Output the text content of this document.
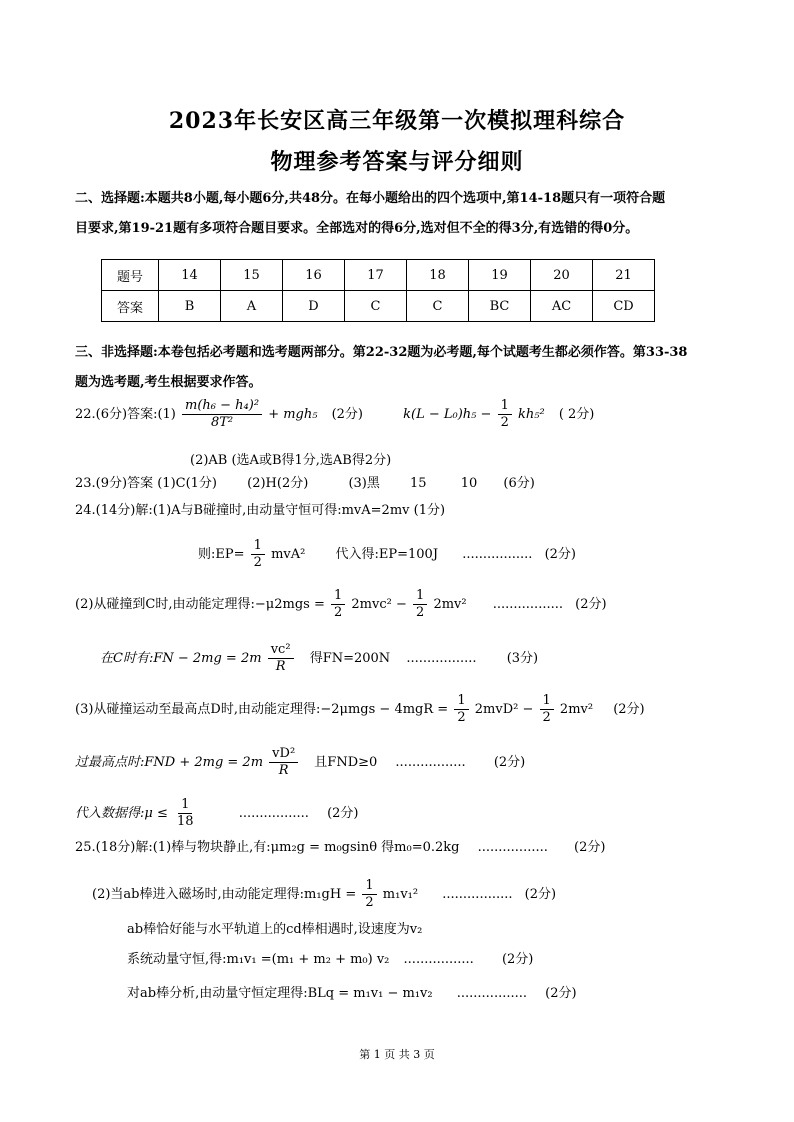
2023年长安区高三年级第一次模拟理科综合
物理参考答案与评分细则
二、选择题:本题共8小题,每小题6分,共48分。在每小题给出的四个选项中,第14-18题只有一项符合题
目要求,第19-21题有多项符合题目要求。全部选对的得6分,选对但不全的得3分,有选错的得0分。
题号	14	15	16	17	18	19	20	21
答案	B	A	D	C	C	BC	AC	CD
三、非选择题:本卷包括必考题和选考题两部分。第22-32题为必考题,每个试题考生都必须作答。第33-38
题为选考题,考生根据要求作答。
22.(6分)答案:(1) $\frac{\text{m(h₆ − h₄)²}}{\text{8T²}} + mgh_5$ (2分)	$k(L - L_0)h_5 - \frac{1}{2} kh_5^2$ ( 2分)
(2)AB (选A或B得1分,选AB得2分)
23.(9分)答案 (1)C(1分) (2)H(2分)	(3)黑 15	10 (6分)
24.(14分)解:(1)A与B碰撞时,由动量守恒可得:mvA=2mv (1分)
则:EP= $\frac{1}{2} mvA^2$ 代入得:EP=100J ................. (2分)
(2)从碰撞到C时,由动能定理得:−μ2mgs = $\frac{1}{2} 2mvc^2 - \frac{1}{2} 2mv^2$ ................. (2分)
在C时有:FN − $2mg = 2m \frac{\text{vc²}}{R}$ 得FN=200N ................. (3分)
(3)从碰撞运动至最高点D时,由动能定理得:−2μmgs − $4mgR = \frac{1}{2} 2mvD^2 - \frac{1}{2} 2mv^2$ (2分)
过最高点时:FND + $2mg = 2m \frac{\text{vD²}}{R}$ 且FND≥0 ................. (2分)
代入数据得:μ ≤ $\frac{1}{18}$	................. (2分)
25.(18分)解:(1)棒与物块静止,有:μm₂g = m₀gsinθ 得m₀=0.2kg ................. (2分)
(2)当ab棒进入磁场时,由动能定理得:m₁gH = $\frac{1}{2} m_1v_1^2$ ................. (2分)
ab棒恰好能与水平轨道上的cd棒相遇时,设速度为v₂
系统动量守恒,得:m₁v₁ =(m₁ + m₂ + m₀) v₂ ................. (2分)
对ab棒分析,由动量守恒定理得:BLq = m₁v₁ − m₁v₂ ................. (2分)
第 1 页 共 3 页
